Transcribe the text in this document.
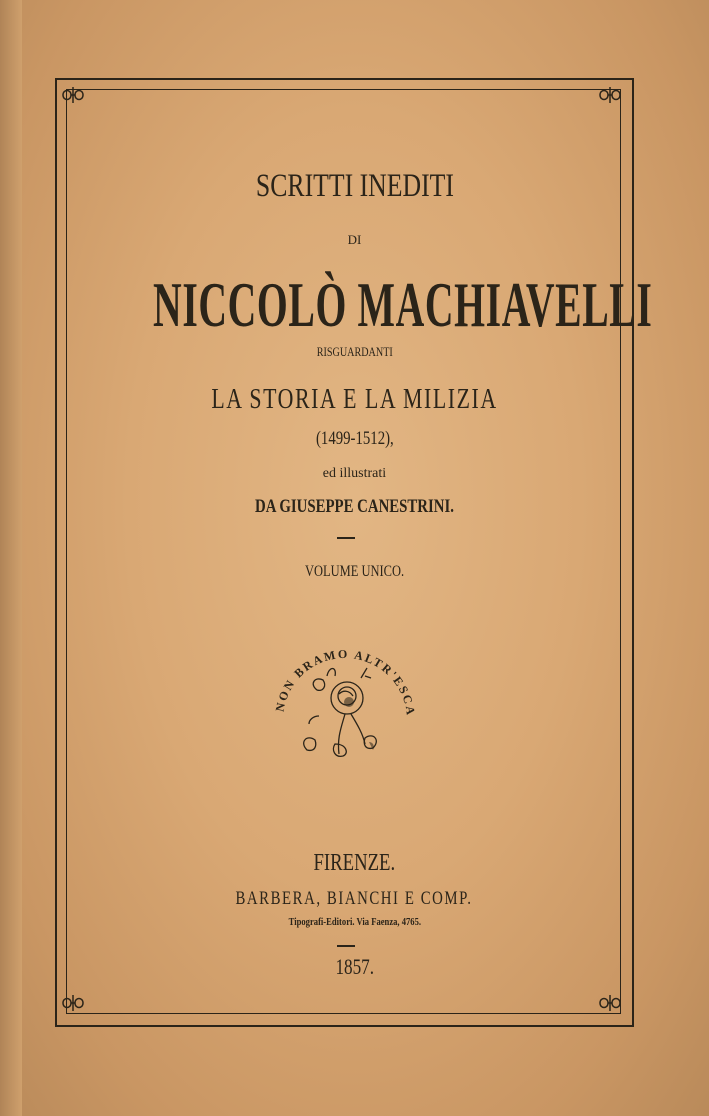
SCRITTI INEDITI
DI
NICCOLÒ MACHIAVELLI
RISGUARDANTI
LA STORIA E LA MILIZIA
(1499-1512),
ed illustrati
DA GIUSEPPE CANESTRINI.
VOLUME UNICO.
NON BRAMO ALTR'ESCA
FIRENZE.
BARBERA, BIANCHI E COMP.
Tipografi-Editori. Via Faenza, 4765.
1857.
